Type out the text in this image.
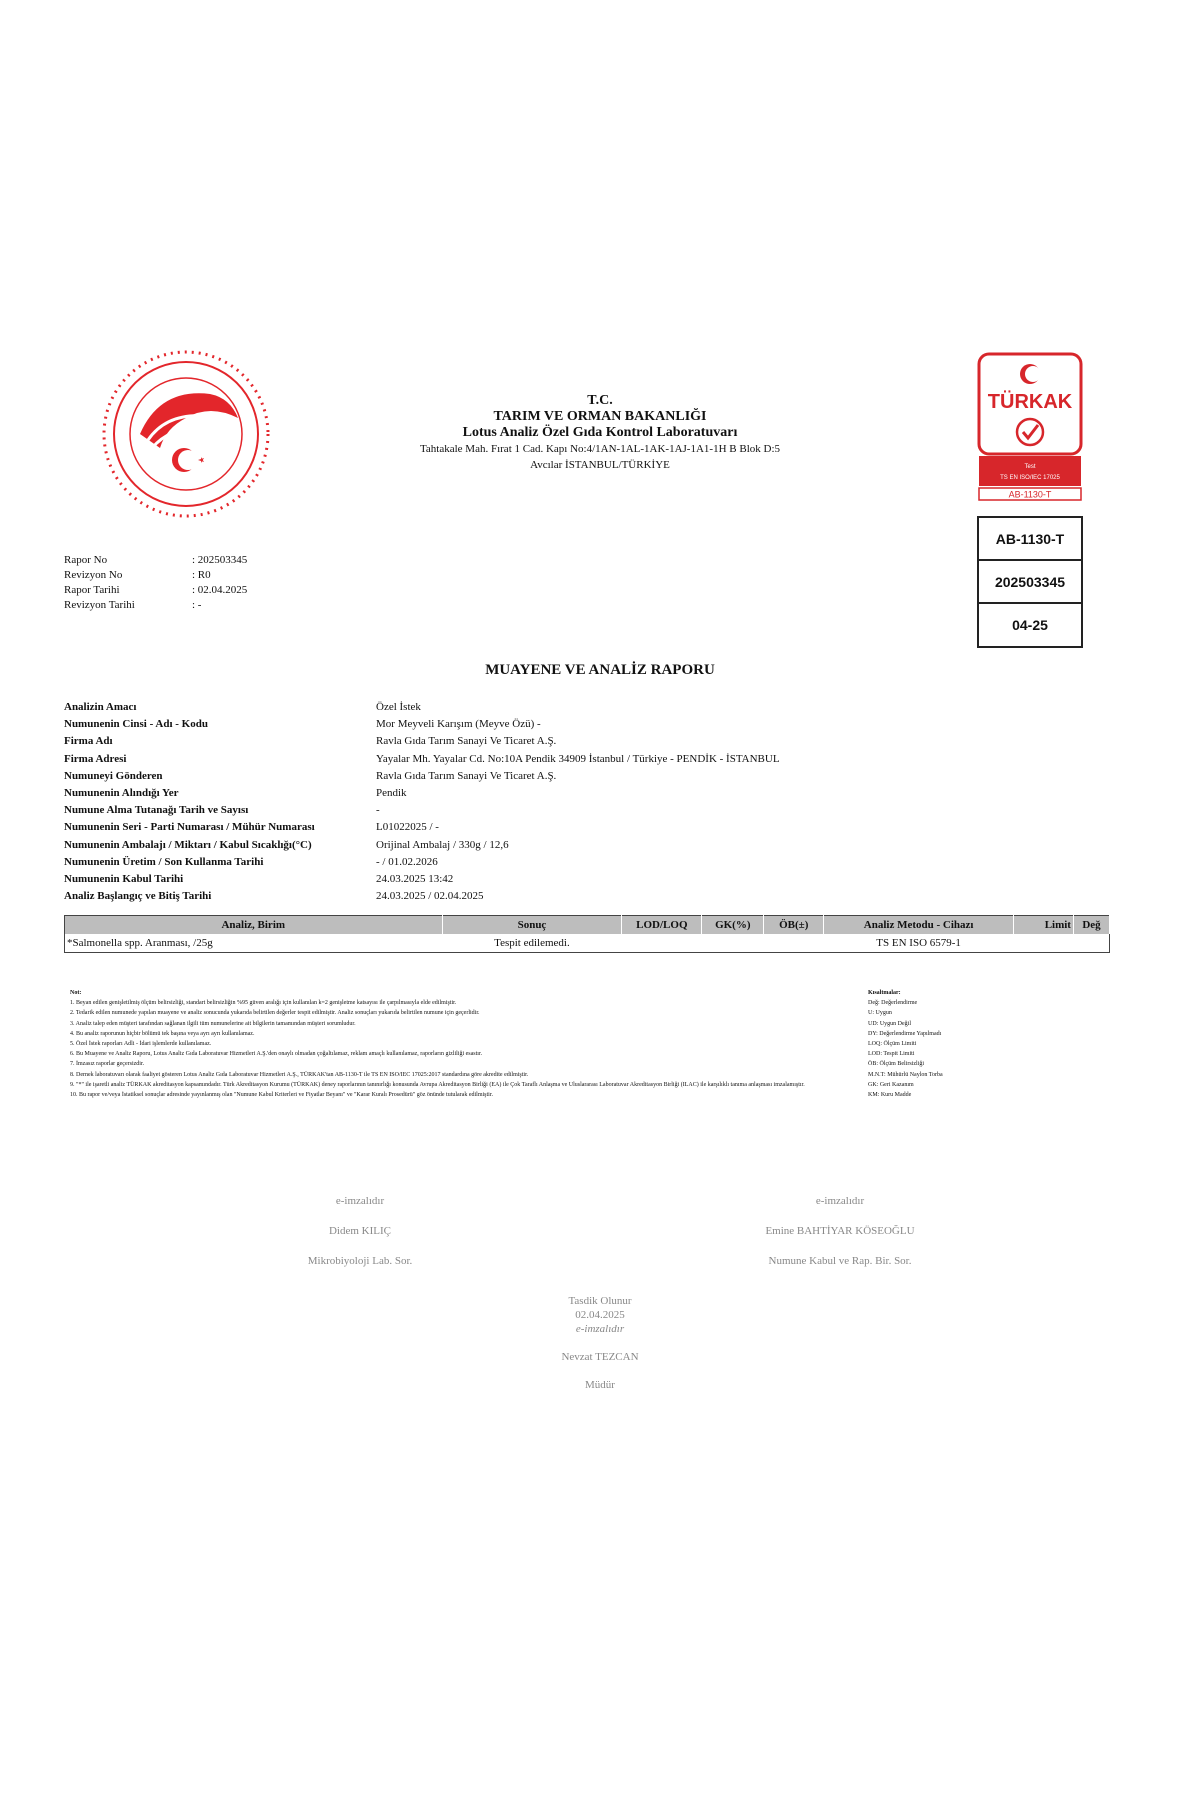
T.C.
TARIM VE ORMAN BAKANLIĞI
Lotus Analiz Özel Gıda Kontrol Laboratuvarı
Tahtakale Mah. Fırat 1 Cad. Kapı No:4/1AN-1AL-1AK-1AJ-1A1-1H B Blok D:5
Avcılar İSTANBUL/TÜRKİYE
TÜRKAK
Test
TS EN ISO/IEC 17025
AB-1130-T
AB-1130-T
202503345
04-25
Rapor No	: 202503345
Revizyon No	: R0
Rapor Tarihi	: 02.04.2025
Revizyon Tarihi	: -
MUAYENE VE ANALİZ RAPORU
Analizin Amacı	Özel İstek
Numunenin Cinsi - Adı - Kodu	Mor Meyveli Karışım (Meyve Özü) -
Firma Adı	Ravla Gıda Tarım Sanayi Ve Ticaret A.Ş.
Firma Adresi	Yayalar Mh. Yayalar Cd. No:10A Pendik 34909 İstanbul / Türkiye - PENDİK - İSTANBUL
Numuneyi Gönderen	Ravla Gıda Tarım Sanayi Ve Ticaret A.Ş.
Numunenin Alındığı Yer	Pendik
Numune Alma Tutanağı Tarih ve Sayısı	-
Numunenin Seri - Parti Numarası / Mühür Numarası	L01022025 / -
Numunenin Ambalajı / Miktarı / Kabul Sıcaklığı(°C)	Orijinal Ambalaj / 330g / 12,6
Numunenin Üretim / Son Kullanma Tarihi	- / 01.02.2026
Numunenin Kabul Tarihi	24.03.2025 13:42
Analiz Başlangıç ve Bitiş Tarihi	24.03.2025 / 02.04.2025
Analiz, Birim	Sonuç	LOD/LOQ	GK(%)	ÖB(±)	Analiz Metodu - Cihazı	Limit	Değ
*Salmonella spp. Aranması, /25g	Tespit edilemedi.				TS EN ISO 6579-1		
Not:
1. Beyan edilen genişletilmiş ölçüm belirsizliği, standart belirsizliğin %95 güven aralığı için kullanılan k=2 genişletme katsayısı ile çarpılmasıyla elde edilmiştir.
2. Tedarik edilen numunede yapılan muayene ve analiz sonucunda yukarıda belirtilen değerler tespit edilmiştir. Analiz sonuçları yukarıda belirtilen numune için geçerlidir.
3. Analiz talep eden müşteri tarafından sağlanan ilgili tüm numunelerine ait bilgilerin tamamından müşteri sorumludur.
4. Bu analiz raporunun hiçbir bölümü tek başına veya ayrı ayrı kullanılamaz.
5. Özel İstek raporları Adli - İdari işlemlerde kullanılamaz.
6. Bu Muayene ve Analiz Raporu, Lotus Analiz Gıda Laboratuvar Hizmetleri A.Ş.'den onaylı olmadan çoğaltılamaz, reklam amaçlı kullanılamaz, raporların gizliliği esastır.
7. İmzasız raporlar geçersizdir.
8. Dernek laboratuvarı olarak faaliyet gösteren Lotus Analiz Gıda Laboratuvar Hizmetleri A.Ş., TÜRKAK'tan AB-1130-T ile TS EN ISO/IEC 17025:2017 standardına göre akredite edilmiştir.
9. "*" ile işaretli analiz TÜRKAK akreditasyon kapsamındadır. Türk Akreditasyon Kurumu (TÜRKAK) deney raporlarının tanınırlığı konusunda Avrupa Akreditasyon Birliği (EA) ile Çok Taraflı Anlaşma ve Uluslararası Laboratuvar Akreditasyon Birliği (ILAC) ile karşılıklı tanıma anlaşması imzalamıştır.
10. Bu rapor ve/veya İstatiksel sonuçlar adresinde yayınlanmış olan "Numune Kabul Kriterleri ve Fiyatlar Beyanı" ve "Karar Kuralı Prosedürü" göz önünde tutularak edilmiştir.
Kısaltmalar:
Değ: Değerlendirme
U: Uygun
UD: Uygun Değil
DY: Değerlendirme Yapılmadı
LOQ: Ölçüm Limiti
LOD: Tespit Limiti
ÖB: Ölçüm Belirsizliği
M.N.T: Mühürlü Naylon Torba
GK: Geri Kazanım
KM: Kuru Madde
e-imzalıdır
Didem KILIÇ
Mikrobiyoloji Lab. Sor.
e-imzalıdır
Emine BAHTİYAR KÖSEOĞLU
Numune Kabul ve Rap. Bir. Sor.
Tasdik Olunur
02.04.2025
e-imzalıdır
Nevzat TEZCAN
Müdür
